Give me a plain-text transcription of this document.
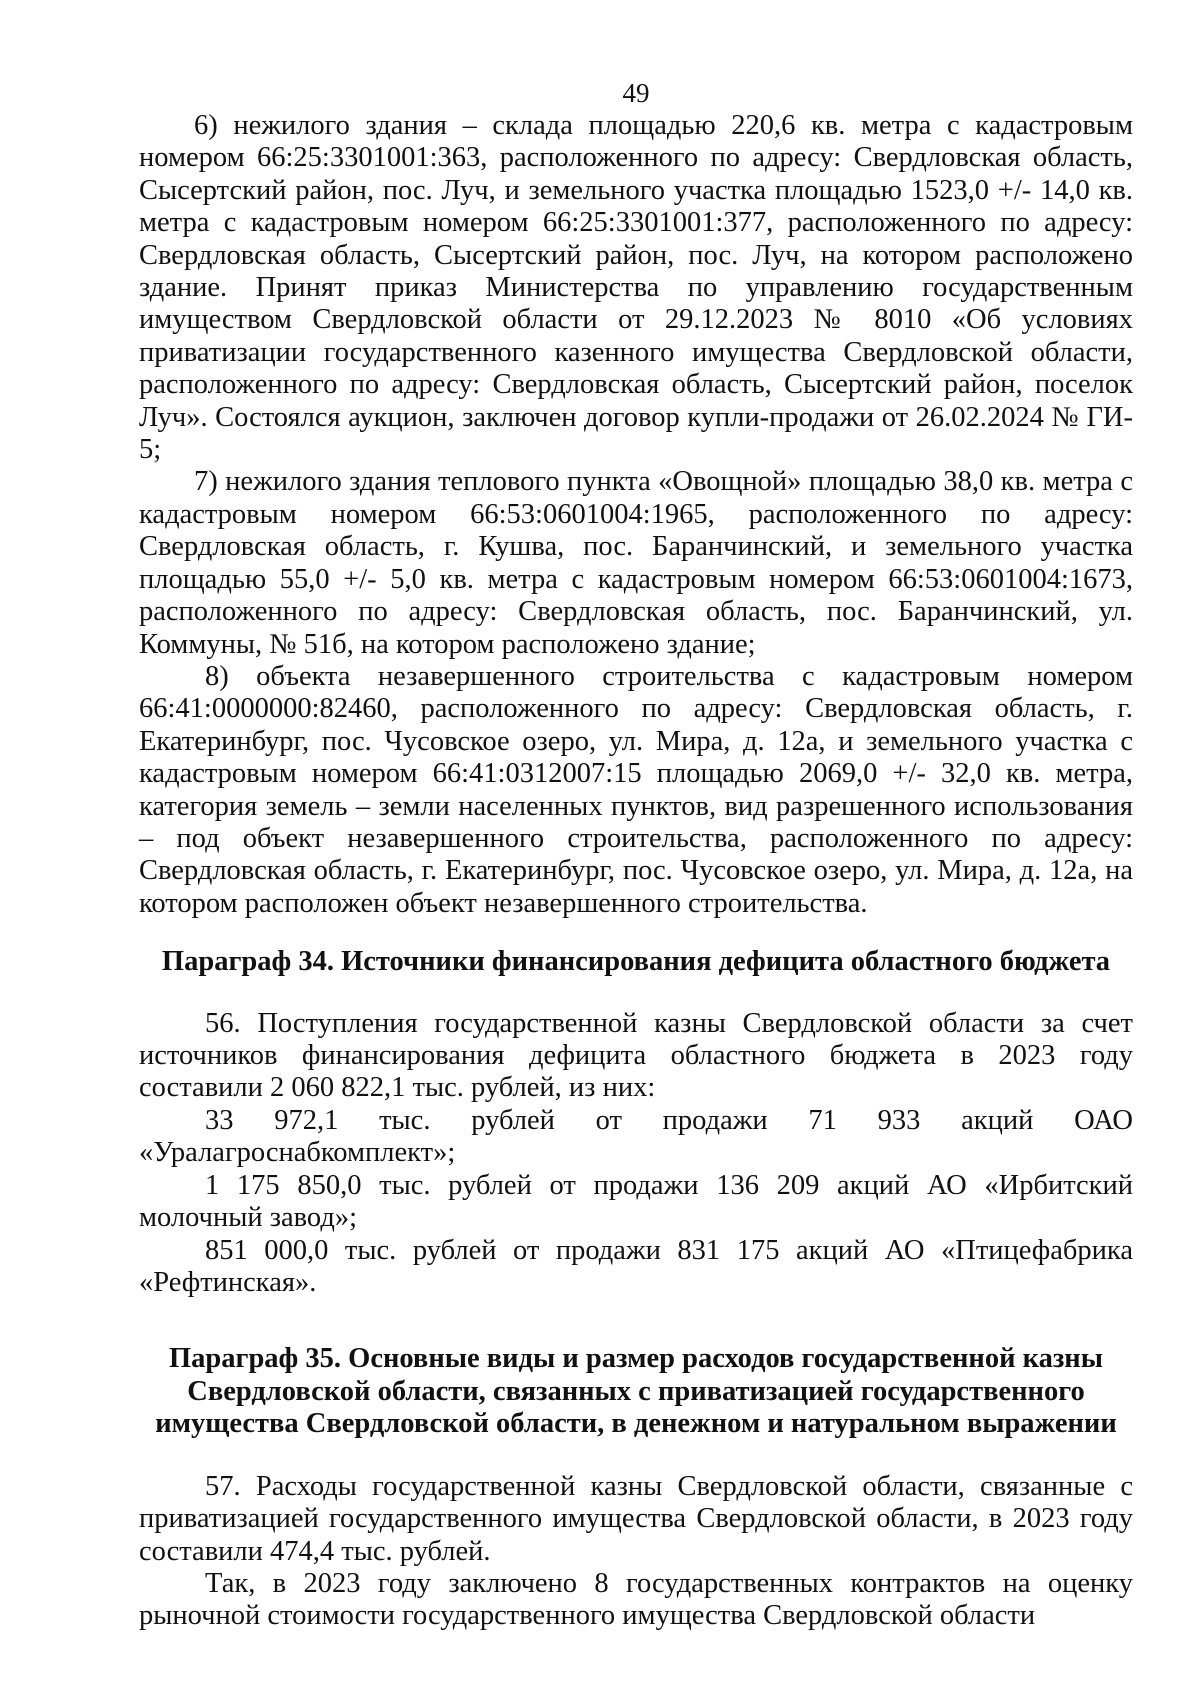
49

6) нежилого здания – склада площадью 220,6 кв. метра с кадастровым номером 66:25:3301001:363, расположенного по адресу: Свердловская область, Сысертский район, пос. Луч, и земельного участка площадью 1523,0 +/- 14,0 кв. метра с кадастровым номером 66:25:3301001:377, расположенного по адресу: Свердловская область, Сысертский район, пос. Луч, на котором расположено здание. Принят приказ Министерства по управлению государственным имуществом Свердловской области от 29.12.2023 № 8010 «Об условиях приватизации государственного казенного имущества Свердловской области, расположенного по адресу: Свердловская область, Сысертский район, поселок Луч». Состоялся аукцион, заключен договор купли-продажи от 26.02.2024 № ГИ- 5;

7) нежилого здания теплового пункта «Овощной» площадью 38,0 кв. метра с кадастровым номером 66:53:0601004:1965, расположенного по адресу: Свердловская область, г. Кушва, пос. Баранчинский, и земельного участка площадью 55,0 +/- 5,0 кв. метра с кадастровым номером 66:53:0601004:1673, расположенного по адресу: Свердловская область, пос. Баранчинский, ул. Коммуны, № 51б, на котором расположено здание;

8) объекта незавершенного строительства с кадастровым номером 66:41:0000000:82460, расположенного по адресу: Свердловская область, г. Екатеринбург, пос. Чусовское озеро, ул. Мира, д. 12а, и земельного участка с кадастровым номером 66:41:0312007:15 площадью 2069,0 +/- 32,0 кв. метра, категория земель – земли населенных пунктов, вид разрешенного использования – под объект незавершенного строительства, расположенного по адресу: Свердловская область, г. Екатеринбург, пос. Чусовское озеро, ул. Мира, д. 12а, на котором расположен объект незавершенного строительства.

Параграф 34. Источники финансирования дефицита областного бюджета

56. Поступления государственной казны Свердловской области за счет источников финансирования дефицита областного бюджета в 2023 году составили 2 060 822,1 тыс. рублей, из них:

33 972,1 тыс. рублей от продажи 71 933 акций ОАО «Уралагроснабкомплект»;

1 175 850,0 тыс. рублей от продажи 136 209 акций АО «Ирбитский молочный завод»;

851 000,0 тыс. рублей от продажи 831 175 акций АО «Птицефабрика «Рефтинская».

Параграф 35. Основные виды и размер расходов государственной казны
Свердловской области, связанных с приватизацией государственного
имущества Свердловской области, в денежном и натуральном выражении

57. Расходы государственной казны Свердловской области, связанные с приватизацией государственного имущества Свердловской области, в 2023 году составили 474,4 тыс. рублей.

Так, в 2023 году заключено 8 государственных контрактов на оценку рыночной стоимости государственного имущества Свердловской области
